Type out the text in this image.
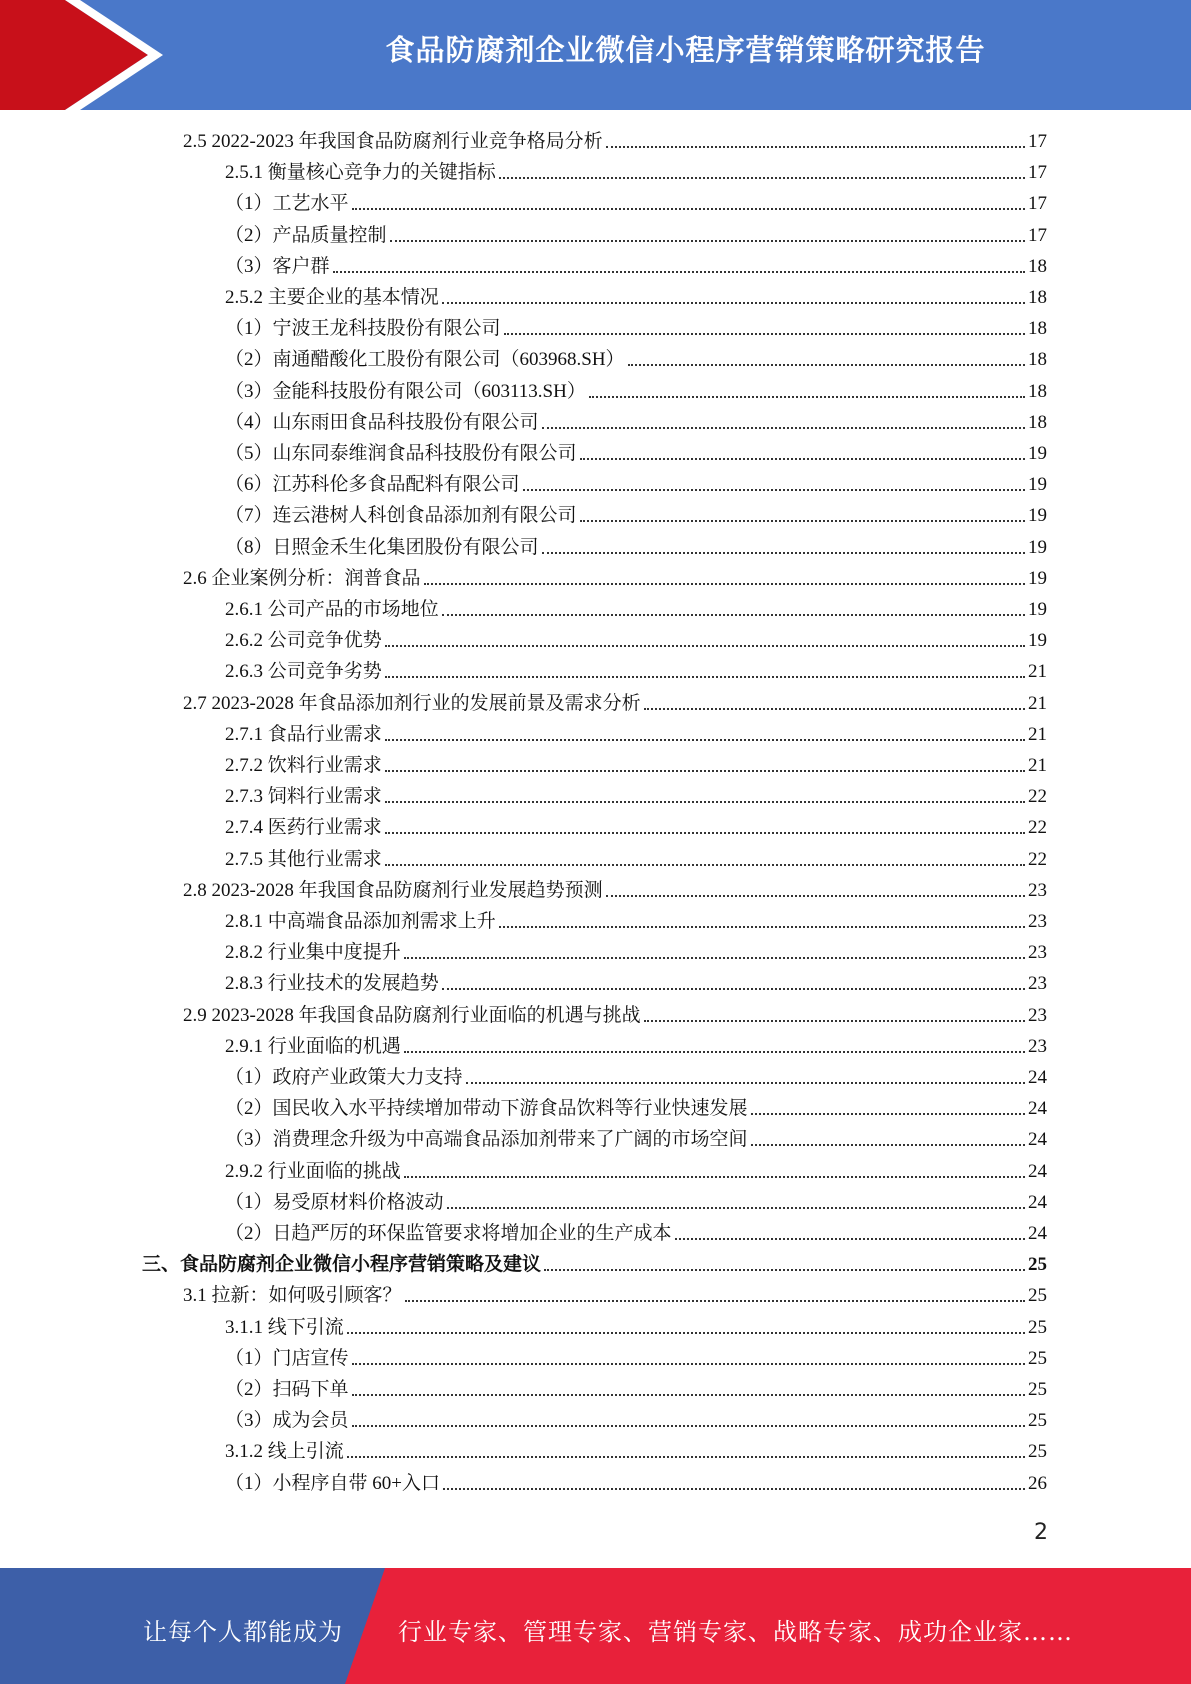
食品防腐剂企业微信小程序营销策略研究报告
2.5 2022-2023 年我国食品防腐剂行业竞争格局分析	17
2.5.1 衡量核心竞争力的关键指标	17
（1）工艺水平	17
（2）产品质量控制	17
（3）客户群	18
2.5.2 主要企业的基本情况	18
（1）宁波王龙科技股份有限公司	18
（2）南通醋酸化工股份有限公司（603968.SH）	18
（3）金能科技股份有限公司（603113.SH）	18
（4）山东雨田食品科技股份有限公司	18
（5）山东同泰维润食品科技股份有限公司	19
（6）江苏科伦多食品配料有限公司	19
（7）连云港树人科创食品添加剂有限公司	19
（8）日照金禾生化集团股份有限公司	19
2.6 企业案例分析：润普食品	19
2.6.1 公司产品的市场地位	19
2.6.2 公司竞争优势	19
2.6.3 公司竞争劣势	21
2.7 2023-2028 年食品添加剂行业的发展前景及需求分析	21
2.7.1 食品行业需求	21
2.7.2 饮料行业需求	21
2.7.3 饲料行业需求	22
2.7.4 医药行业需求	22
2.7.5 其他行业需求	22
2.8 2023-2028 年我国食品防腐剂行业发展趋势预测	23
2.8.1 中高端食品添加剂需求上升	23
2.8.2 行业集中度提升	23
2.8.3 行业技术的发展趋势	23
2.9 2023-2028 年我国食品防腐剂行业面临的机遇与挑战	23
2.9.1 行业面临的机遇	23
（1）政府产业政策大力支持	24
（2）国民收入水平持续增加带动下游食品饮料等行业快速发展	24
（3）消费理念升级为中高端食品添加剂带来了广阔的市场空间	24
2.9.2 行业面临的挑战	24
（1）易受原材料价格波动	24
（2）日趋严厉的环保监管要求将增加企业的生产成本	24
三、食品防腐剂企业微信小程序营销策略及建议	25
3.1 拉新：如何吸引顾客？	25
3.1.1 线下引流	25
（1）门店宣传	25
（2）扫码下单	25
（3）成为会员	25
3.1.2 线上引流	25
（1）小程序自带 60+入口	26
2
让每个人都能成为 行业专家、管理专家、营销专家、战略专家、成功企业家……
